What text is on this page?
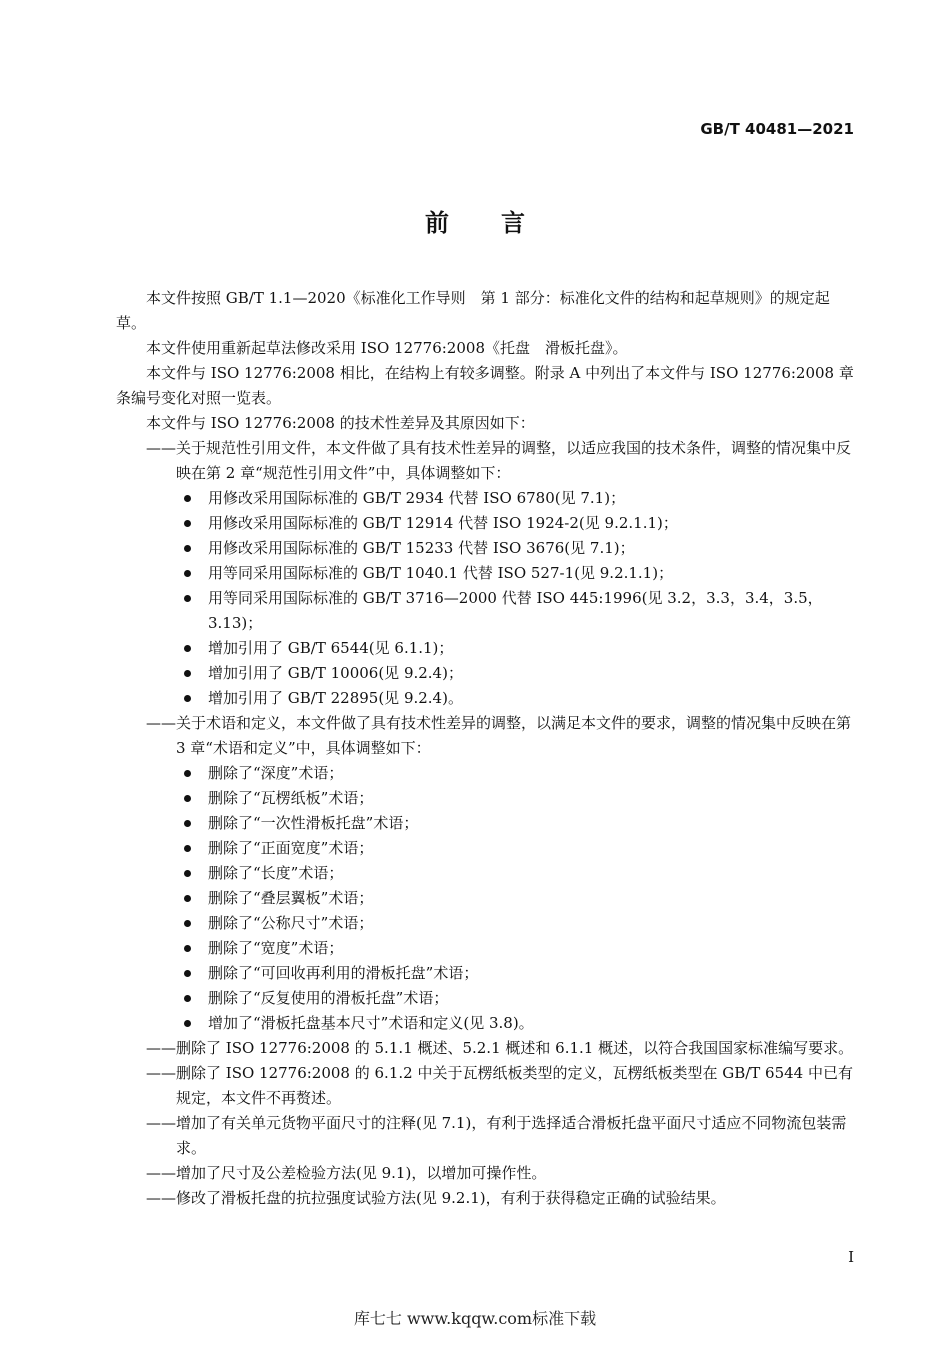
GB/T 40481—2021
前言

本文件按照 GB/T 1.1—2020《标准化工作导则　第 1 部分：标准化文件的结构和起草规则》的规定起草。

本文件使用重新起草法修改采用 ISO 12776:2008《托盘　滑板托盘》。

本文件与 ISO 12776:2008 相比，在结构上有较多调整。附录 A 中列出了本文件与 ISO 12776:2008 章条编号变化对照一览表。

本文件与 ISO 12776:2008 的技术性差异及其原因如下：

——关于规范性引用文件，本文件做了具有技术性差异的调整，以适应我国的技术条件，调整的情况集中反映在第 2 章“规范性引用文件”中，具体调整如下：

用修改采用国际标准的 GB/T 2934 代替 ISO 6780(见 7.1)；

用修改采用国际标准的 GB/T 12914 代替 ISO 1924-2(见 9.2.1.1)；

用修改采用国际标准的 GB/T 15233 代替 ISO 3676(见 7.1)；

用等同采用国际标准的 GB/T 1040.1 代替 ISO 527-1(见 9.2.1.1)；

用等同采用国际标准的 GB/T 3716—2000 代替 ISO 445:1996(见 3.2，3.3，3.4，3.5，3.13)；

增加引用了 GB/T 6544(见 6.1.1)；

增加引用了 GB/T 10006(见 9.2.4)；

增加引用了 GB/T 22895(见 9.2.4)。

——关于术语和定义，本文件做了具有技术性差异的调整，以满足本文件的要求，调整的情况集中反映在第 3 章“术语和定义”中，具体调整如下：

删除了“深度”术语；

删除了“瓦楞纸板”术语；

删除了“一次性滑板托盘”术语；

删除了“正面宽度”术语；

删除了“长度”术语；

删除了“叠层翼板”术语；

删除了“公称尺寸”术语；

删除了“宽度”术语；

删除了“可回收再利用的滑板托盘”术语；

删除了“反复使用的滑板托盘”术语；

增加了“滑板托盘基本尺寸”术语和定义(见 3.8)。

——删除了 ISO 12776:2008 的 5.1.1 概述、5.2.1 概述和 6.1.1 概述，以符合我国国家标准编写要求。

——删除了 ISO 12776:2008 的 6.1.2 中关于瓦楞纸板类型的定义，瓦楞纸板类型在 GB/T 6544 中已有规定，本文件不再赘述。

——增加了有关单元货物平面尺寸的注释(见 7.1)，有利于选择适合滑板托盘平面尺寸适应不同物流包装需求。

——增加了尺寸及公差检验方法(见 9.1)，以增加可操作性。

——修改了滑板托盘的抗拉强度试验方法(见 9.2.1)，有利于获得稳定正确的试验结果。

I
库七七 www.kqqw.com标准下载
